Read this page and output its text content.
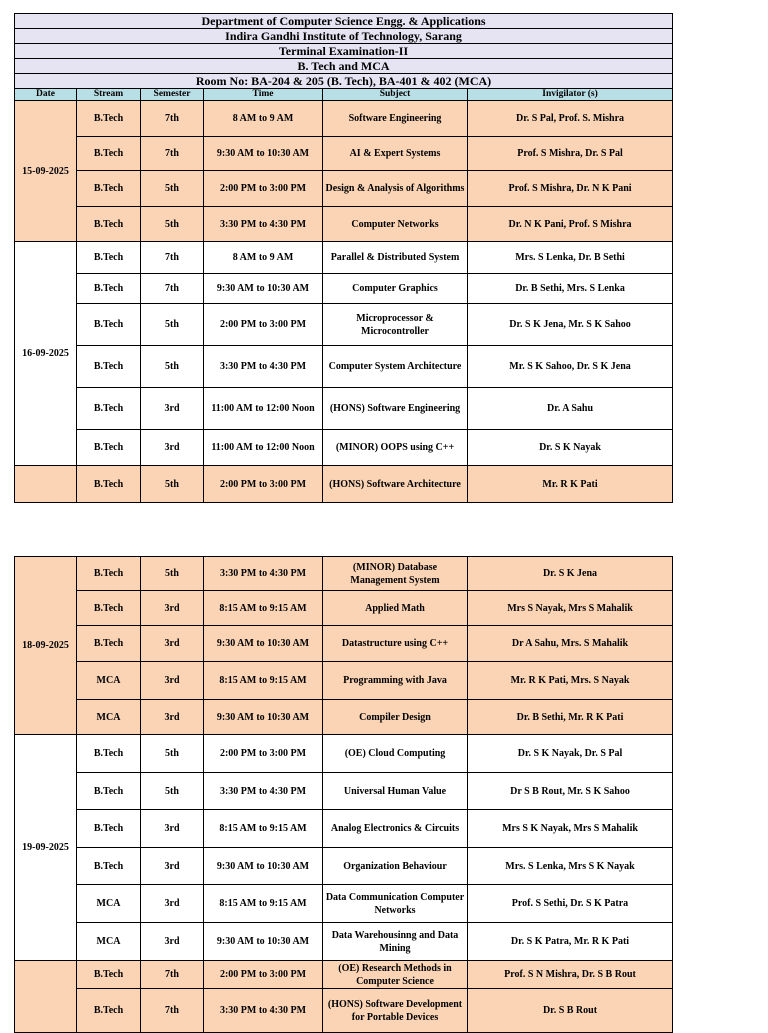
Department of Computer Science Engg. & Applications					
Indira Gandhi Institute of Technology, Sarang					
Terminal Examination-II					
B. Tech and MCA					
Room No: BA-204 & 205 (B. Tech), BA-401 & 402 (MCA)					
Date	Stream	Semester	Time	Subject	Invigilator (s)
15-09-2025	B.Tech	7th	8 AM to 9 AM	Software Engineering	Dr. S Pal, Prof. S. Mishra
	B.Tech	7th	9:30 AM to 10:30 AM	AI & Expert Systems	Prof. S Mishra, Dr. S Pal
	B.Tech	5th	2:00 PM to 3:00 PM	Design & Analysis of Algorithms	Prof. S Mishra, Dr. N K Pani
	B.Tech	5th	3:30 PM to 4:30 PM	Computer Networks	Dr. N K Pani, Prof. S Mishra
16-09-2025	B.Tech	7th	8 AM to 9 AM	Parallel & Distributed System	Mrs. S Lenka, Dr. B Sethi
	B.Tech	7th	9:30 AM to 10:30 AM	Computer Graphics	Dr. B Sethi, Mrs. S Lenka
	B.Tech	5th	2:00 PM to 3:00 PM	Microprocessor & Microcontroller	Dr. S K Jena, Mr. S K Sahoo
	B.Tech	5th	3:30 PM to 4:30 PM	Computer System Architecture	Mr. S K Sahoo, Dr. S K Jena
	B.Tech	3rd	11:00 AM to 12:00 Noon	(HONS) Software Engineering	Dr. A Sahu
	B.Tech	3rd	11:00 AM to 12:00 Noon	(MINOR) OOPS using C++	Dr. S K Nayak
	B.Tech	5th	2:00 PM to 3:00 PM	(HONS) Software Architecture	Mr. R K Pati
18-09-2025	B.Tech	5th	3:30 PM to 4:30 PM	(MINOR) Database Management System	Dr. S K Jena
	B.Tech	3rd	8:15 AM to 9:15 AM	Applied Math	Mrs S Nayak, Mrs S Mahalik
	B.Tech	3rd	9:30 AM to 10:30 AM	Datastructure using C++	Dr A Sahu, Mrs. S Mahalik
	MCA	3rd	8:15 AM to 9:15 AM	Programming with Java	Mr. R K Pati, Mrs. S Nayak
	MCA	3rd	9:30 AM to 10:30 AM	Compiler Design	Dr. B Sethi, Mr. R K Pati
19-09-2025	B.Tech	5th	2:00 PM to 3:00 PM	(OE) Cloud Computing	Dr. S K Nayak, Dr. S Pal
	B.Tech	5th	3:30 PM to 4:30 PM	Universal Human Value	Dr S B Rout, Mr. S K Sahoo
	B.Tech	3rd	8:15 AM to 9:15 AM	Analog Electronics & Circuits	Mrs S K Nayak, Mrs S Mahalik
	B.Tech	3rd	9:30 AM to 10:30 AM	Organization Behaviour	Mrs. S Lenka, Mrs S K Nayak
	MCA	3rd	8:15 AM to 9:15 AM	Data Communication Computer Networks	Prof. S Sethi, Dr. S K Patra
	MCA	3rd	9:30 AM to 10:30 AM	Data Warehousinng and Data Mining	Dr. S K Patra, Mr. R K Pati
	B.Tech	7th	2:00 PM to 3:00 PM	(OE) Research Methods in Computer Science	Prof. S N Mishra, Dr. S B Rout
	B.Tech	7th	3:30 PM to 4:30 PM	(HONS) Software Development for Portable Devices	Dr. S B Rout
